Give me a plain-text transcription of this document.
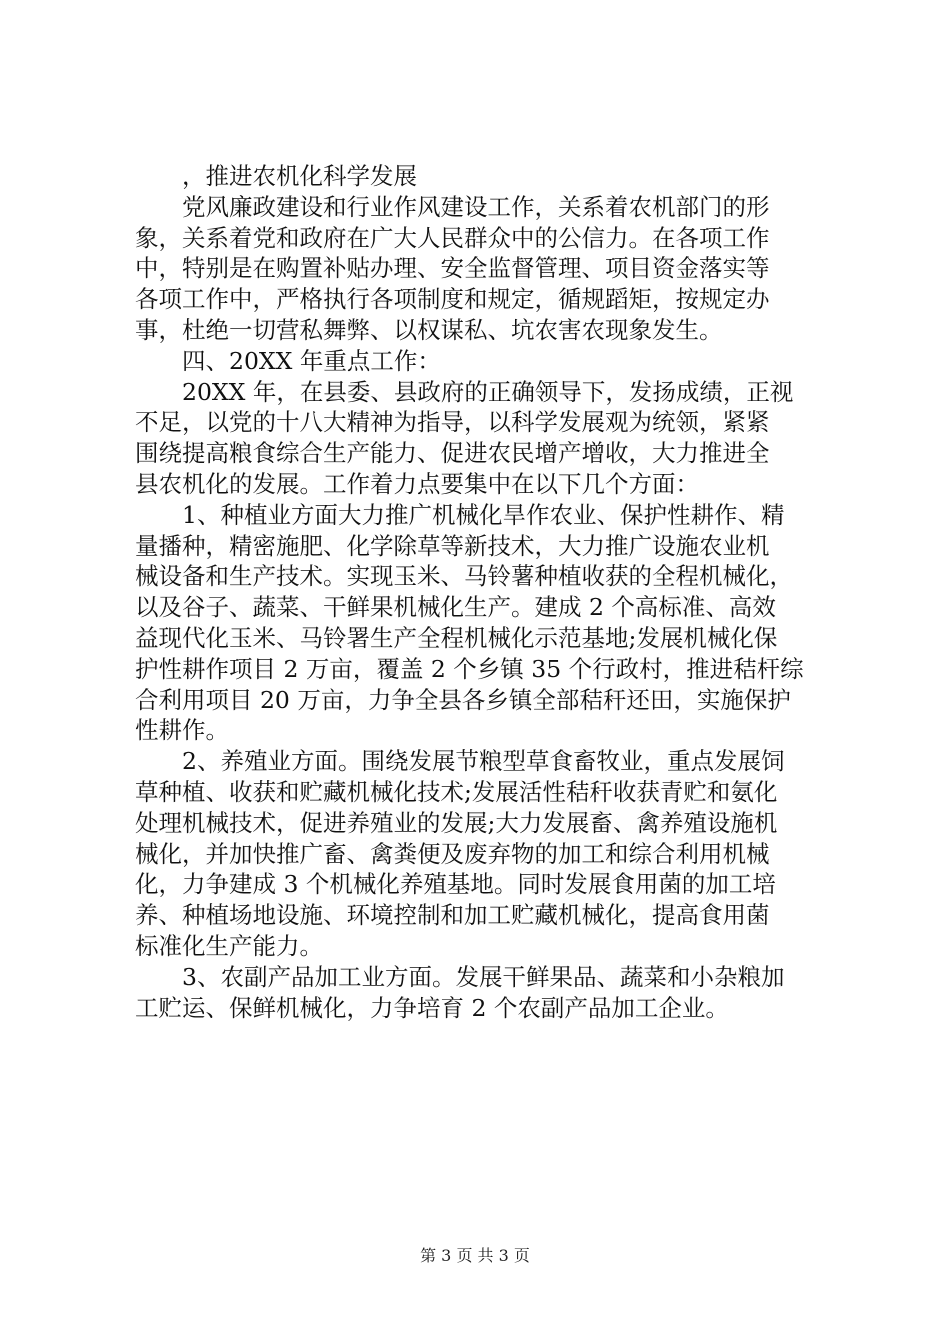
，推进农机化科学发展
党风廉政建设和行业作风建设工作，关系着农机部门的形
象，关系着党和政府在广大人民群众中的公信力。在各项工作
中，特别是在购置补贴办理、安全监督管理、项目资金落实等
各项工作中，严格执行各项制度和规定，循规蹈矩，按规定办
事，杜绝一切营私舞弊、以权谋私、坑农害农现象发生。
四、20XX 年重点工作：
20XX 年，在县委、县政府的正确领导下，发扬成绩，正视
不足，以党的十八大精神为指导，以科学发展观为统领，紧紧
围绕提高粮食综合生产能力、促进农民增产增收，大力推进全
县农机化的发展。工作着力点要集中在以下几个方面：
1、种植业方面大力推广机械化旱作农业、保护性耕作、精
量播种，精密施肥、化学除草等新技术，大力推广设施农业机
械设备和生产技术。实现玉米、马铃薯种植收获的全程机械化，
以及谷子、蔬菜、干鲜果机械化生产。建成 2 个高标准、高效
益现代化玉米、马铃署生产全程机械化示范基地;发展机械化保
护性耕作项目 2 万亩，覆盖 2 个乡镇 35 个行政村，推进秸杆综
合利用项目 20 万亩，力争全县各乡镇全部秸秆还田，实施保护
性耕作。
2、养殖业方面。围绕发展节粮型草食畜牧业，重点发展饲
草种植、收获和贮藏机械化技术;发展活性秸秆收获青贮和氨化
处理机械技术，促进养殖业的发展;大力发展畜、禽养殖设施机
械化，并加快推广畜、禽粪便及废弃物的加工和综合利用机械
化，力争建成 3 个机械化养殖基地。同时发展食用菌的加工培
养、种植场地设施、环境控制和加工贮藏机械化，提高食用菌
标准化生产能力。
3、农副产品加工业方面。发展干鲜果品、蔬菜和小杂粮加
工贮运、保鲜机械化，力争培育 2 个农副产品加工企业。
第 3 页 共 3 页
